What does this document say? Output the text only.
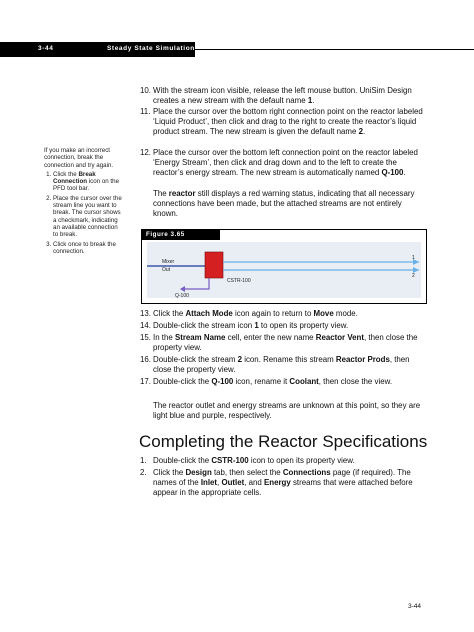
3-44	Steady State Simulation
10. With the stream icon visible, release the left mouse button. UniSim Design creates a new stream with the default name 1.
11. Place the cursor over the bottom right connection point on the reactor labeled ‘Liquid Product’, then click and drag to the right to create the reactor’s liquid product stream. The new stream is given the default name 2.
12. Place the cursor over the bottom left connection point on the reactor labeled ‘Energy Stream’, then click and drag down and to the left to create the reactor’s energy stream. The new stream is automatically named Q-100.
The reactor still displays a red warning status, indicating that all necessary connections have been made, but the attached streams are not entirely known.
If you make an incorrect connection, break the connection and try again.
1. Click the Break Connection icon on the PFD tool bar.
2. Place the cursor over the stream line you want to break. The cursor shows a checkmark, indicating an available connection to break.
3. Click once to break the connection.
Figure 3.65
Mixer
Out
CSTR-100
Q-100
1
2
13. Click the Attach Mode icon again to return to Move mode.
14. Double-click the stream icon 1 to open its property view.
15. In the Stream Name cell, enter the new name Reactor Vent, then close the property view.
16. Double-click the stream 2 icon. Rename this stream Reactor Prods, then close the property view.
17. Double-click the Q-100 icon, rename it Coolant, then close the view.
The reactor outlet and energy streams are unknown at this point, so they are light blue and purple, respectively.
Completing the Reactor Specifications
1. Double-click the CSTR-100 icon to open its property view.
2. Click the Design tab, then select the Connections page (if required). The names of the Inlet, Outlet, and Energy streams that were attached before appear in the appropriate cells.
3-44
